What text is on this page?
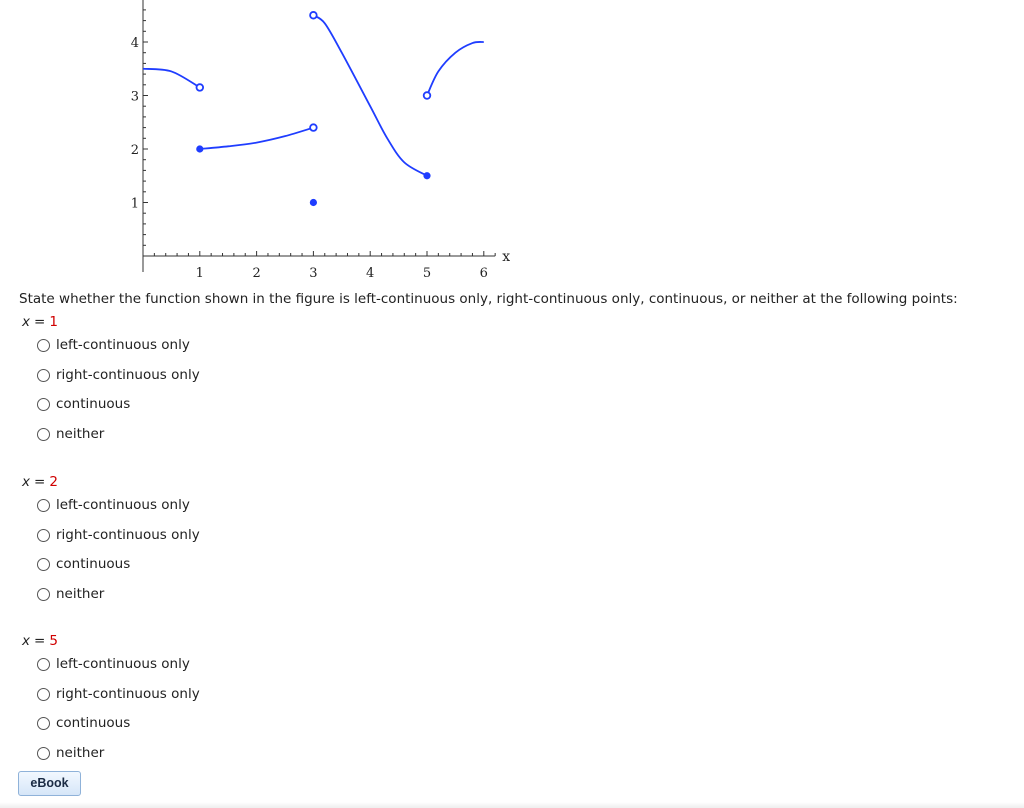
1	2	3	4	5	6
1
2
3
4
x
State whether the function shown in the figure is left-continuous only, right-continuous only, continuous, or neither at the following points:
x = 1
left-continuous only
right-continuous only
continuous
neither
x = 2
left-continuous only
right-continuous only
continuous
neither
x = 5
left-continuous only
right-continuous only
continuous
neither
eBook
